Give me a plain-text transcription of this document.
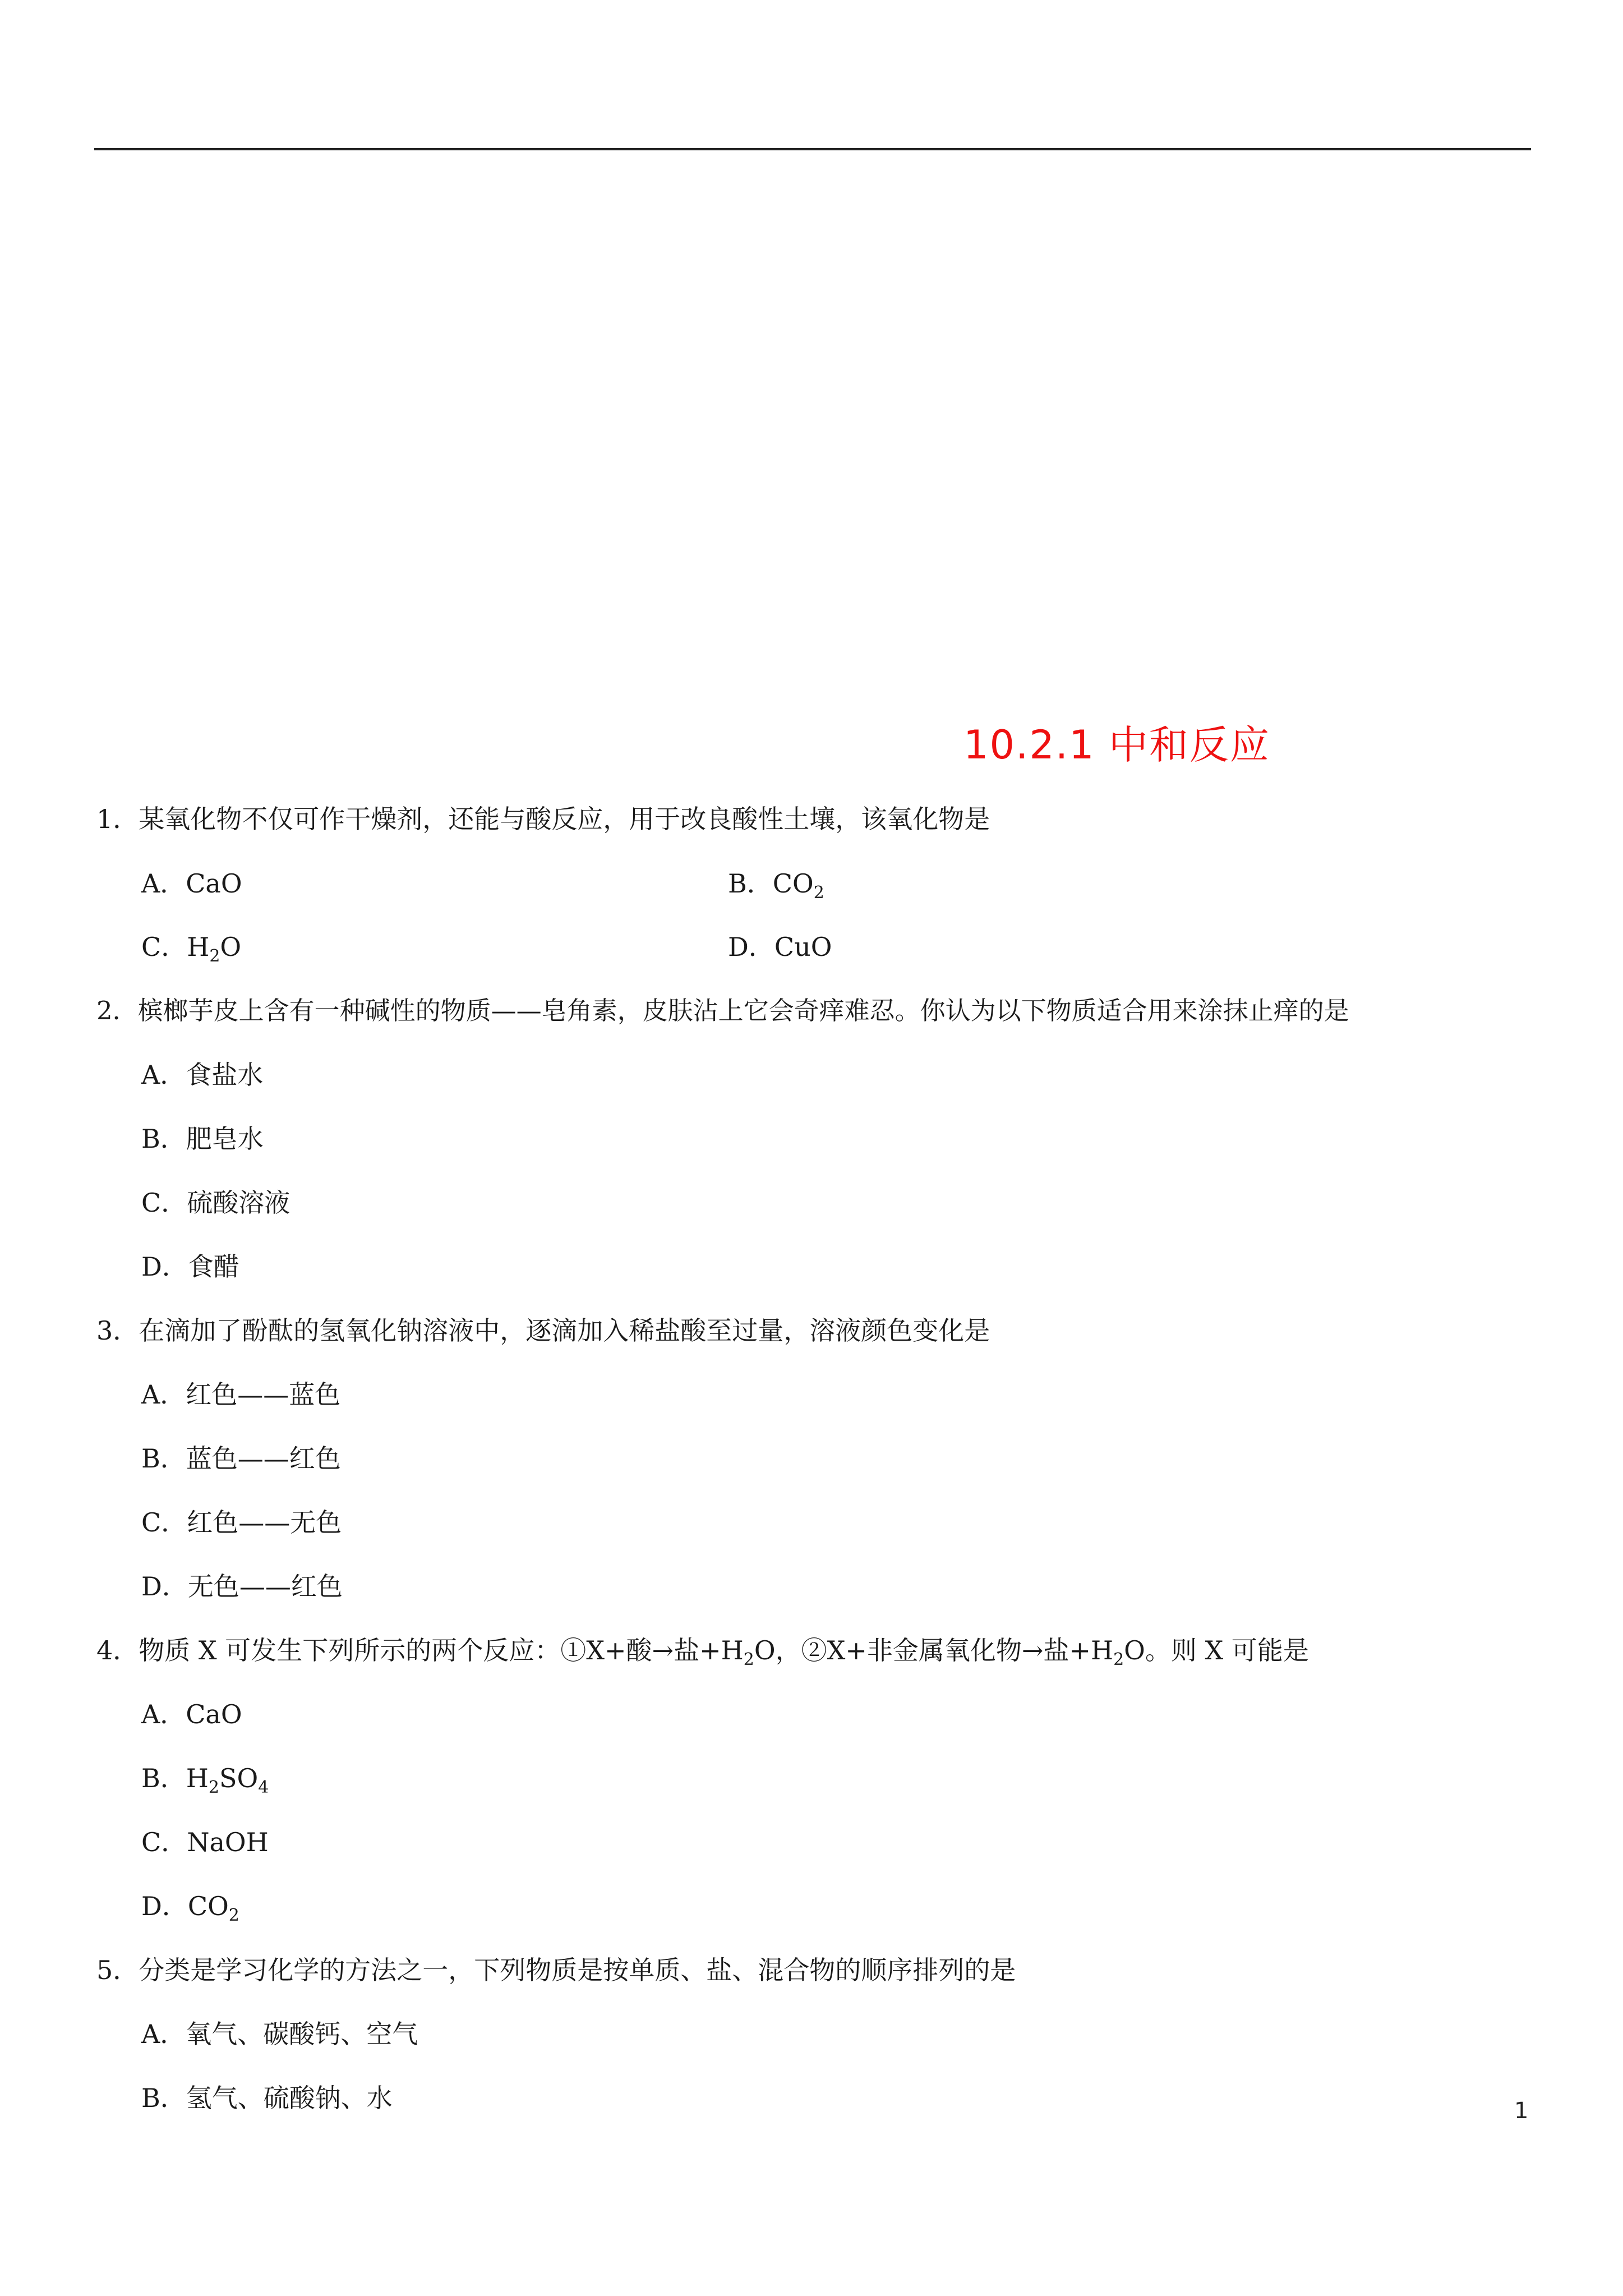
10.2.1 中和反应
1．某氧化物不仅可作干燥剂，还能与酸反应，用于改良酸性土壤，该氧化物是
A．CaO	B．$CO_2$
C．$H_2O$	D．CuO
2．槟榔芋皮上含有一种碱性的物质——皂角素，皮肤沾上它会奇痒难忍。你认为以下物质适合用来涂抹止痒的是
A．食盐水
B．肥皂水
C．硫酸溶液
D．食醋
3．在滴加了酚酞的氢氧化钠溶液中，逐滴加入稀盐酸至过量，溶液颜色变化是
A．红色——蓝色
B．蓝色——红色
C．红色——无色
D．无色——红色
4．物质 X 可发生下列所示的两个反应：①X+酸→盐$+H_2O$，②X+非金属氧化物→盐$+H_2O$。则 X 可能是
A．CaO
B．$H_2SO_4$
C．NaOH
D．$CO_2$
5．分类是学习化学的方法之一，下列物质是按单质、盐、混合物的顺序排列的是
A．氧气、碳酸钙、空气
B．氢气、硫酸钠、水	1
